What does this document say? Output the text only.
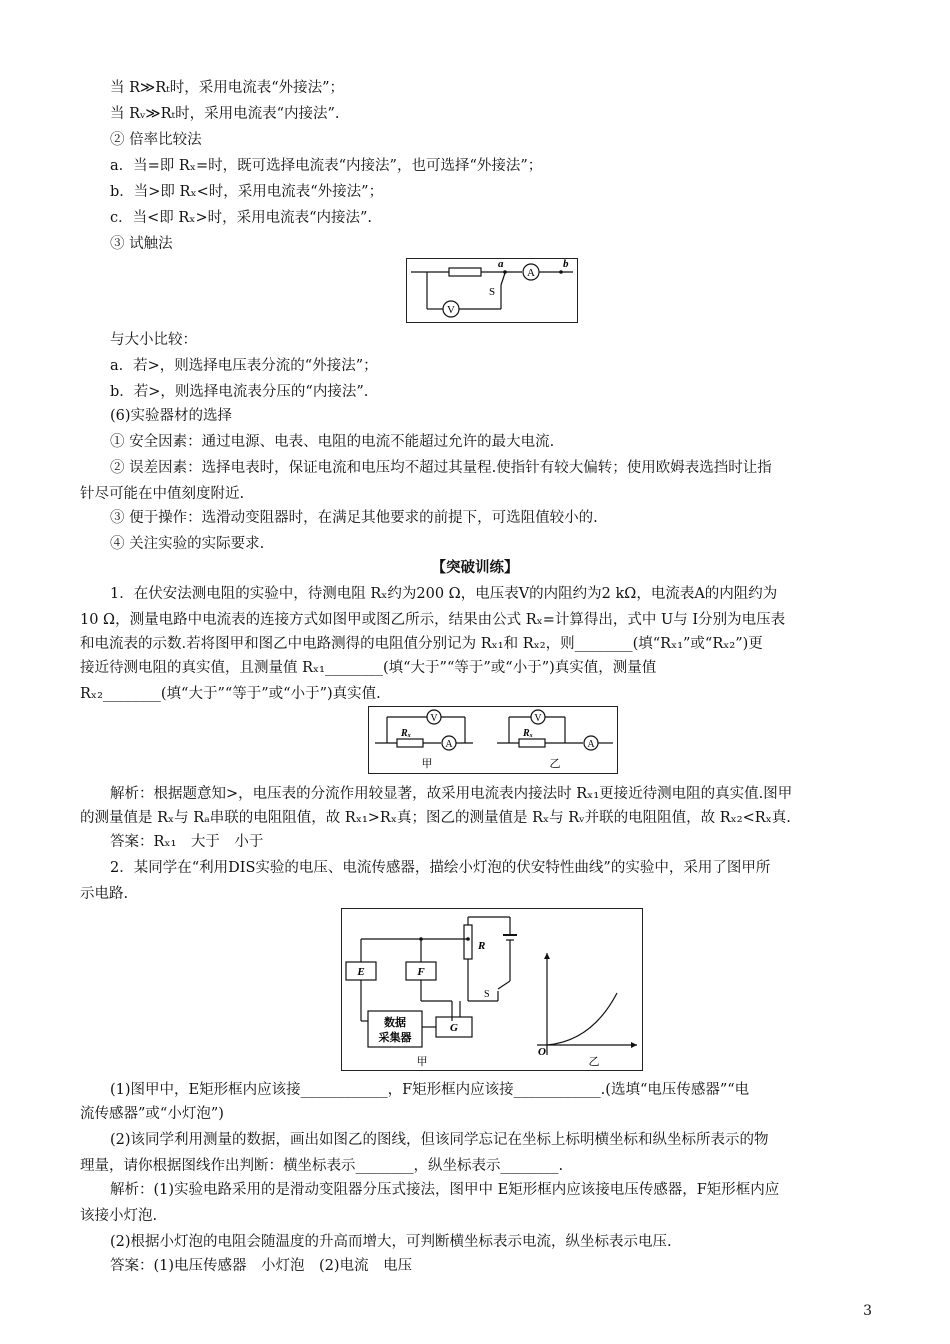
当 R≫Rₜ时，采用电流表“外接法”；
当 Rᵥ≫Rₜ时，采用电流表“内接法”.
② 倍率比较法
a．当=即 Rₓ=时，既可选择电流表“内接法”，也可选择“外接法”；
b．当>即 Rₓ<时，采用电流表“外接法”；
c．当<即 Rₓ>时，采用电流表“内接法”.
③ 试触法
A
V
a	b
S
与大小比较：
a．若>，则选择电压表分流的“外接法”；
b．若>，则选择电流表分压的“内接法”.
(6)实验器材的选择
① 安全因素：通过电源、电表、电阻的电流不能超过允许的最大电流.
② 误差因素：选择电表时，保证电流和电压均不超过其量程.使指针有较大偏转；使用欧姆表选挡时让指
针尽可能在中值刻度附近.
③ 便于操作：选滑动变阻器时，在满足其他要求的前提下，可选阻值较小的.
④ 关注实验的实际要求.
【突破训练】
1．在伏安法测电阻的实验中，待测电阻 Rₓ约为200 Ω，电压表V的内阻约为2 kΩ，电流表A的内阻约为
10 Ω，测量电路中电流表的连接方式如图甲或图乙所示，结果由公式 Rₓ=计算得出，式中 U与 I分别为电压表
和电流表的示数.若将图甲和图乙中电路测得的电阻值分别记为 Rₓ₁和 Rₓ₂，则________(填“Rₓ₁”或“Rₓ₂”)更
接近待测电阻的真实值，且测量值 Rₓ₁________(填“大于”“等于”或“小于”)真实值，测量值
Rₓ₂________(填“大于”“等于”或“小于”)真实值.
V
A
Rₓ
V
A
Rₓ
甲	乙
解析：根据题意知>，电压表的分流作用较显著，故采用电流表内接法时 Rₓ₁更接近待测电阻的真实值.图甲
的测量值是 Rₓ与 Rₐ串联的电阻阻值，故 Rₓ₁>Rₓ真；图乙的测量值是 Rₓ与 Rᵥ并联的电阻阻值，故 Rₓ₂<Rₓ真.
答案：Rₓ₁　大于　小于
2．某同学在“利用DIS实验的电压、电流传感器，描绘小灯泡的伏安特性曲线”的实验中，采用了图甲所
示电路.
E	F
G
R
S
数据
采集器
O
甲	乙
(1)图甲中，E矩形框内应该接____________，F矩形框内应该接____________.(选填“电压传感器”“电
流传感器”或“小灯泡”)
(2)该同学利用测量的数据，画出如图乙的图线，但该同学忘记在坐标上标明横坐标和纵坐标所表示的物
理量，请你根据图线作出判断：横坐标表示________，纵坐标表示________.
解析：(1)实验电路采用的是滑动变阻器分压式接法，图甲中 E矩形框内应该接电压传感器，F矩形框内应
该接小灯泡.
(2)根据小灯泡的电阻会随温度的升高而增大，可判断横坐标表示电流，纵坐标表示电压.
答案：(1)电压传感器　小灯泡　(2)电流　电压
3
